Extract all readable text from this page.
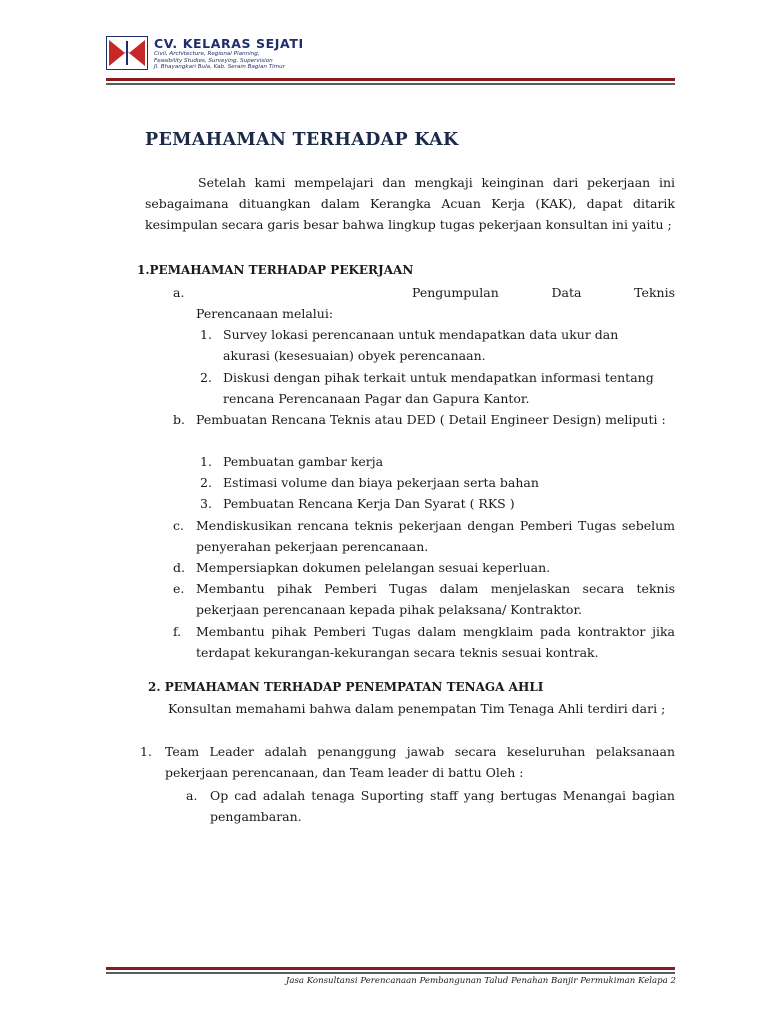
CV. KELARAS SEJATI
Civil, Architecture, Regional Planning,
Feasibility Studies, Surveying, Supervision
Jl. Bhayangkari Bula, Kab. Seram Bagian Timur
PEMAHAMAN TERHADAP KAK
Setelah kami mempelajari dan mengkaji keinginan dari pekerjaan ini sebagaimana dituangkan dalam Kerangka Acuan Kerja (KAK), dapat ditarik kesimpulan secara garis besar bahwa lingkup tugas pekerjaan konsultan ini yaitu ;
1.PEMAHAMAN TERHADAP PEKERJAAN
a.	Pengumpulan Data Teknis
Perencanaan melalui:
1. Survey lokasi perencanaan untuk mendapatkan data ukur dan akurasi (kesesuaian) obyek perencanaan.
2. Diskusi dengan pihak terkait untuk mendapatkan informasi tentang rencana Perencanaan Pagar dan Gapura Kantor.
b. Pembuatan Rencana Teknis atau DED ( Detail Engineer Design) meliputi :
1. Pembuatan gambar kerja
2. Estimasi volume dan biaya pekerjaan serta bahan
3. Pembuatan Rencana Kerja Dan Syarat ( RKS )
c. Mendiskusikan rencana teknis pekerjaan dengan Pemberi Tugas sebelum penyerahan pekerjaan perencanaan.
d. Mempersiapkan dokumen pelelangan sesuai keperluan.
e. Membantu pihak Pemberi Tugas dalam menjelaskan secara teknis pekerjaan perencanaan kepada pihak pelaksana/ Kontraktor.
f. Membantu pihak Pemberi Tugas dalam mengklaim pada kontraktor jika terdapat kekurangan-kekurangan secara teknis sesuai kontrak.
2. PEMAHAMAN TERHADAP PENEMPATAN TENAGA AHLI
Konsultan memahami bahwa dalam penempatan Tim Tenaga Ahli terdiri dari ;
1. Team Leader adalah penanggung jawab secara keseluruhan pelaksanaan pekerjaan perencanaan, dan Team leader di battu Oleh :
a. Op cad adalah tenaga Suporting staff yang bertugas Menangai bagian pengambaran.
Jasa Konsultansi Perencanaan Pembangunan Talud Penahan Banjir Permukiman Kelapa 2
